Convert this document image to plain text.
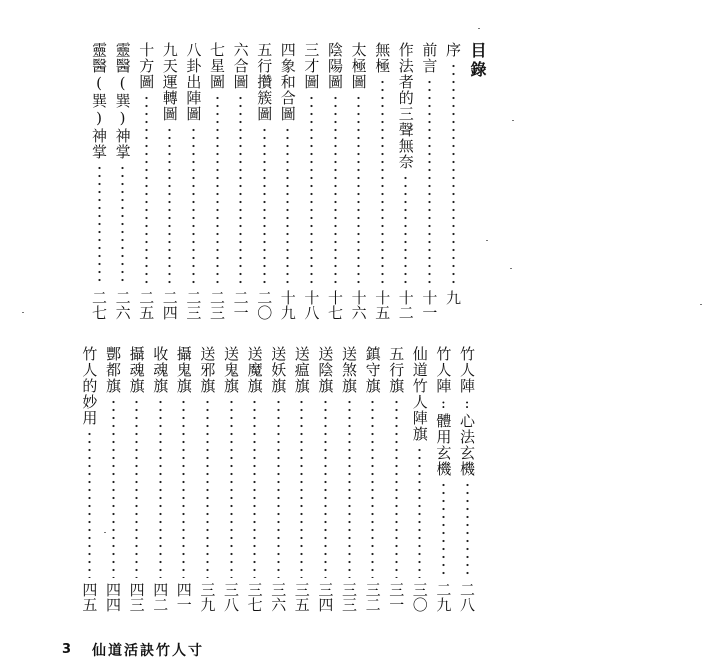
目錄
序
九
前言
十一
作法者的三聲無奈
十二
無極
十五
太極圖
十六
陰陽圖
十七
三才圖
十八
四象和合圖
十九
五行攢簇圖
二〇
六合圖
二一
七星圖
二三
八卦出陣圖
二三
九天運轉圖
二四
十方圖
二五
靈醫(巽)神掌
二六
靈醫(巽)神掌
二七
竹人陣:心法玄機
二八
竹人陣:體用玄機
二九
仙道竹人陣旗
三〇
五行旗
三一
鎮守旗
三二
送煞旗
三三
送陰旗
三四
送瘟旗
三五
送妖旗
三六
送魔旗
三七
送鬼旗
三八
送邪旗
三九
攝鬼旗
四一
收魂旗
四二
攝魂旗
四三
酆都旗
四四
竹人的妙用
四五
3 仙道活訣竹人寸
